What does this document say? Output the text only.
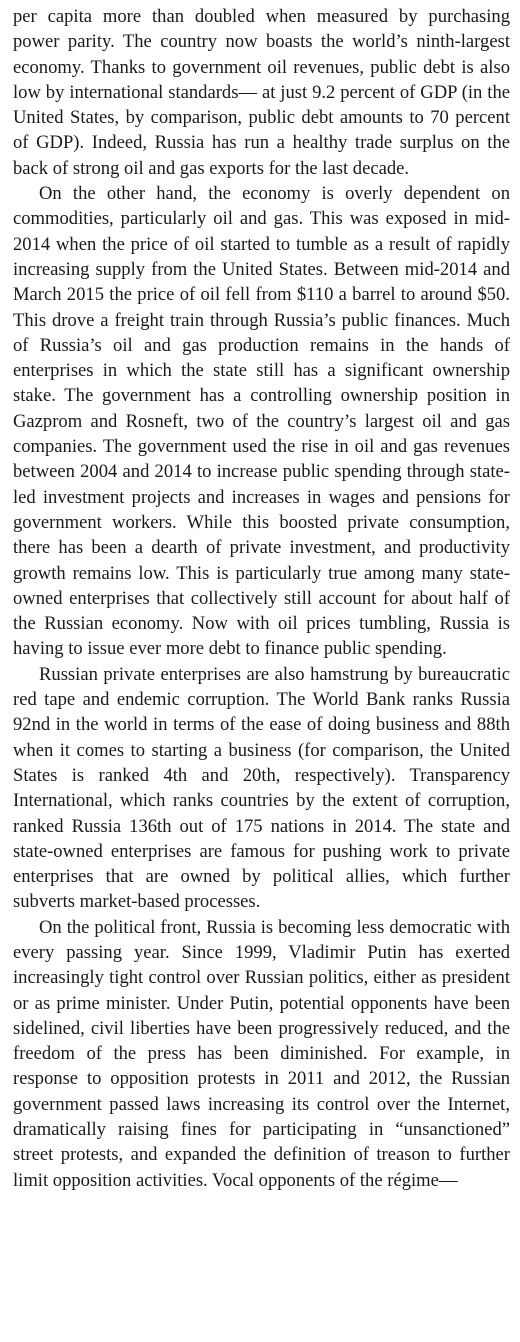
per capita more than doubled when measured by purchasing power parity. The country now boasts the world’s ninth-largest economy. Thanks to government oil revenues, public debt is also low by international standards— at just 9.2 percent of GDP (in the United States, by comparison, public debt amounts to 70 percent of GDP). Indeed, Russia has run a healthy trade surplus on the back of strong oil and gas exports for the last decade.

On the other hand, the economy is overly dependent on commodities, particularly oil and gas. This was exposed in mid-2014 when the price of oil started to tumble as a result of rapidly increasing supply from the United States. Between mid-2014 and March 2015 the price of oil fell from $110 a barrel to around $50. This drove a freight train through Russia’s public finances. Much of Russia’s oil and gas production remains in the hands of enterprises in which the state still has a significant ownership stake. The government has a controlling ownership position in Gazprom and Rosneft, two of the country’s largest oil and gas companies. The government used the rise in oil and gas revenues between 2004 and 2014 to increase public spending through state-led investment projects and increases in wages and pensions for government workers. While this boosted private consumption, there has been a dearth of private investment, and productivity growth remains low. This is particularly true among many state-owned enterprises that collectively still account for about half of the Russian economy. Now with oil prices tumbling, Russia is having to issue ever more debt to finance public spending.

Russian private enterprises are also hamstrung by bureaucratic red tape and endemic corruption. The World Bank ranks Russia 92nd in the world in terms of the ease of doing business and 88th when it comes to starting a business (for comparison, the United States is ranked 4th and 20th, respectively). Transparency International, which ranks countries by the extent of corruption, ranked Russia 136th out of 175 nations in 2014. The state and state-owned enterprises are famous for pushing work to private enterprises that are owned by political allies, which further subverts market-based processes.

On the political front, Russia is becoming less democratic with every passing year. Since 1999, Vladimir Putin has exerted increasingly tight control over Russian politics, either as president or as prime minister. Under Putin, potential opponents have been sidelined, civil liberties have been progressively reduced, and the freedom of the press has been diminished. For example, in response to opposition protests in 2011 and 2012, the Russian government passed laws increasing its control over the Internet, dramatically raising fines for participating in “unsanctioned” street protests, and expanded the definition of treason to further limit opposition activities. Vocal opponents of the régime—
